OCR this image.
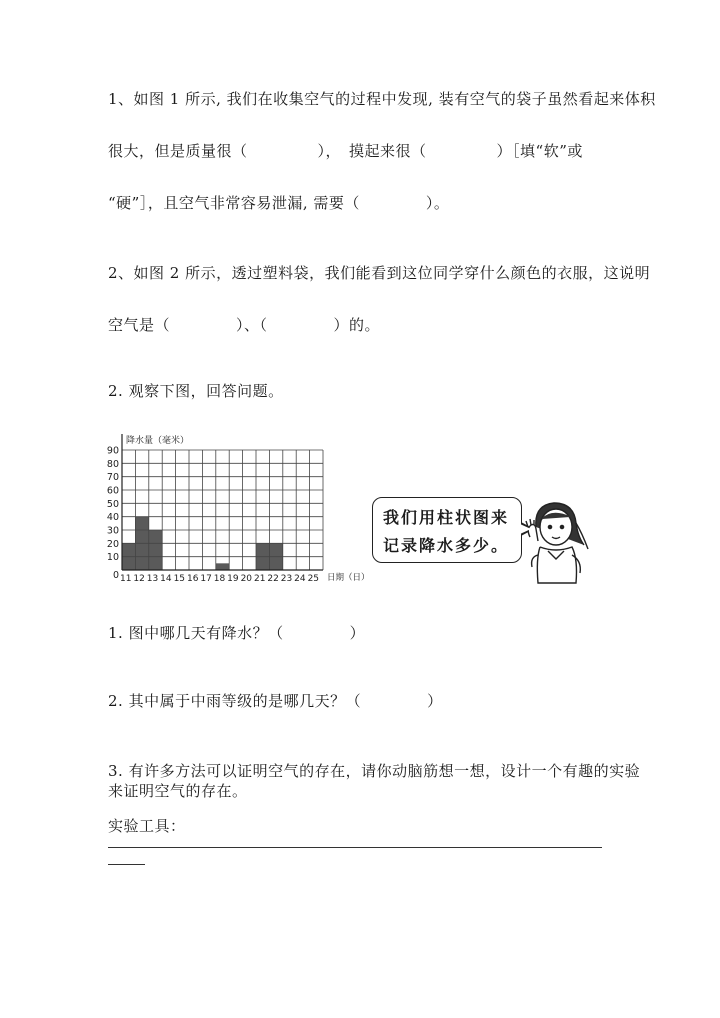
1、如图 1 所示, 我们在收集空气的过程中发现, 装有空气的袋子虽然看起来体积
很大，但是质量很（	），　摸起来很（	）［填“软”或
“硬”］，且空气非常容易泄漏, 需要（	）。
2、如图 2 所示，透过塑料袋，我们能看到这位同学穿什么颜色的衣服，这说明
空气是（	）、（	）的。
2. 观察下图，回答问题。
0
10
20
30
40
50
60
70
80
90
11 12 13 14 15 16 17 18 19 20 21 22 23 24 25
降水量（毫米）
日期（日）
我们用柱状图来
记录降水多少。
1. 图中哪几天有降水？（	）
2. 其中属于中雨等级的是哪几天？（	）
3. 有许多方法可以证明空气的存在，请你动脑筋想一想，设计一个有趣的实验
来证明空气的存在。
实验工具：
